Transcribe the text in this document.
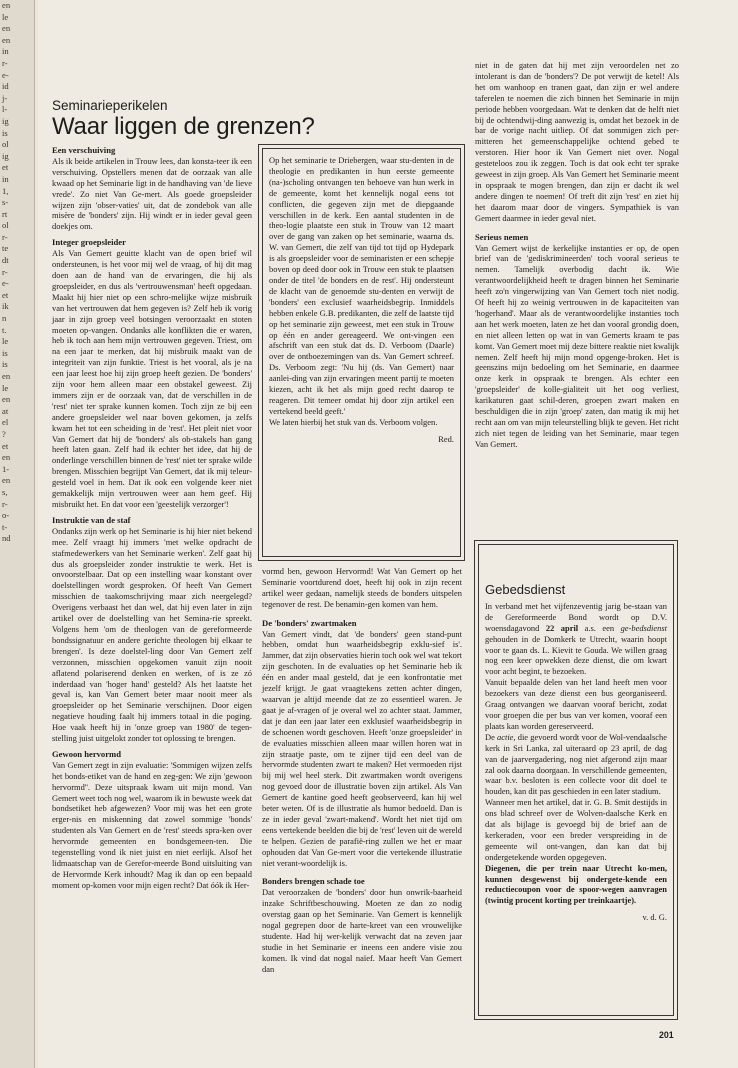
en
le
en
en
in
r-
e-
id
j-
l-
ig
is
ol
ig
et
in
1,
s-
rt
ol
r-
te
dt
r-
e-
et
ik
n
t.
le
is
is
en
le
en
at
el
?
et
en
1-
en
s,
r-
o-
t-
nd
Seminarieperikelen
Waar liggen de grenzen?
Een verschuiving

Als ik beide artikelen in Trouw lees, dan konsta-teer ik een verschuiving. Opstellers menen dat de oorzaak van alle kwaad op het Seminarie ligt in de handhaving van 'de lieve vrede'. Zo niet Van Ge-mert. Als goede groepsleider wijzen zijn 'obser-vaties' uit, dat de zondebok van alle misère de 'bonders' zijn. Hij windt er in ieder geval geen doekjes om.

Integer groepsleider

Als Van Gemert geuitte klacht van de open brief wil ondersteunen, is het voor mij wel de vraag, of hij dit mag doen aan de hand van de ervaringen, die hij als groepsleider, en dus als 'vertrouwensman' heeft opgedaan. Maakt hij hier niet op een schro-melijke wijze misbruik van het vertrouwen dat hem gegeven is? Zelf heb ik vorig jaar in zijn groep veel botsingen veroorzaakt en stoten moeten op-vangen. Ondanks alle konflikten die er waren, heb ik toch aan hem mijn vertrouwen gegeven. Triest, om na een jaar te merken, dat hij misbruik maakt van de integriteit van zijn funktie. Triest is het vooral, als je na een jaar leest hoe hij zijn groep heeft gezien. De 'bonders' zijn voor hem alleen maar een obstakel geweest. Zij immers zijn er de oorzaak van, dat de verschillen in de 'rest' niet ter sprake kunnen komen. Toch zijn ze bij een andere groepsleider wel naar boven gekomen, ja zelfs kwam het tot een scheiding in de 'rest'. Het pleit niet voor Van Gemert dat hij de 'bonders' als ob-stakels han gang heeft laten gaan. Zelf had ik echter het idee, dat hij de onderlinge verschillen binnen de 'rest' niet ter sprake wilde brengen. Misschien begrijpt Van Gemert, dat ik mij teleur-gesteld voel in hem. Dat ik ook een volgende keer niet gemakkelijk mijn vertrouwen weer aan hem geef. Hij misbruikt het. En dat voor een 'geestelijk verzorger'!

Instruktie van de staf

Ondanks zijn werk op het Seminarie is hij hier niet bekend mee. Zelf vraagt hij immers 'met welke opdracht de stafmedewerkers van het Seminarie werken'. Zelf gaat hij dus als groepsleider zonder instruktie te werk. Het is onvoorstelbaar. Dat op een instelling waar konstant over doelstellingen wordt gesproken. Of heeft Van Gemert misschien de taakomschrijving maar zich neergelegd? Overigens verbaast het dan wel, dat hij even later in zijn artikel over de doelstelling van het Semina-rie spreekt. Volgens hem 'om de theologen van de gereformeerde bondssignatuur en andere gerichte theologen bij elkaar te brengen'. Is deze doelstel-ling door Van Gemert zelf verzonnen, misschien opgekomen vanuit zijn nooit aflatend polariserend denken en werken, of is ze zó inderdaad van 'hoger hand' gesteld? Als het laatste het geval is, kan Van Gemert beter maar nooit meer als groepsleider op het Seminarie verschijnen. Door eigen negatieve houding faalt hij immers totaal in die poging. Hoe vaak heeft hij in 'onze groep van 1980' de tegen-stelling juist uitgelokt zonder tot oplossing te brengen.

Gewoon hervormd

Van Gemert zegt in zijn evaluatie: 'Sommigen wijzen zelfs het bonds-etiket van de hand en zeg-gen: We zijn 'gewoon hervormd''. Deze uitspraak kwam uit mijn mond. Van Gemert weet toch nog wel, waarom ik in bewuste week dat bondsetiket heb afgewezen? Voor mij was het een grote erger-nis en miskenning dat zowel sommige 'bonds' studenten als Van Gemert en de 'rest' steeds spra-ken over hervormde gemeenten en bondsgemeen-ten. Die tegenstelling vond ik niet juist en niet eerlijk. Alsof het lidmaatschap van de Gerefor-meerde Bond uitsluiting van de Hervormde Kerk inhoudt? Mag ik dan op een bepaald moment op-komen voor mijn eigen recht? Dat óók ik Her-

Op het seminarie te Driebergen, waar stu-denten in de theologie en predikanten in hun eerste gemeente (na-)scholing ontvangen ten behoeve van hun werk in de gemeente, komt het kennelijk nogal eens tot conflicten, die gegeven zijn met de diepgaande verschillen in de kerk. Een aantal studenten in de theo-logie plaatste een stuk in Trouw van 12 maart over de gang van zaken op het seminarie, waarna ds. W. van Gemert, die zelf van tijd tot tijd op Hydepark is als groepsleider voor de seminaristen er een schepje boven op deed door ook in Trouw een stuk te plaatsen onder de titel 'de bonders en de rest'. Hij ondersteunt de klacht van de genoemde stu-denten en verwijt de 'bonders' een exclusief waarheidsbegrip. Inmiddels hebben enkele G.B. predikanten, die zelf de laatste tijd op het seminarie zijn geweest, met een stuk in Trouw op één en ander gereageerd. We ont-vingen een afschrift van een stuk dat ds. D. Verboom (Daarle) over de ontboezemingen van ds. Van Gemert schreef. Ds. Verboom zegt: 'Nu hij (ds. Van Gemert) naar aanlei-ding van zijn ervaringen meent partij te moeten kiezen, acht ik het als mijn goed recht daarop te reageren. Dit temeer omdat hij door zijn artikel een vertekend beeld geeft.'

We laten hierbij het stuk van ds. Verboom volgen.

Red.

vormd ben, gewoon Hervormd! Wat Van Gemert op het Seminarie voortdurend doet, heeft hij ook in zijn recent artikel weer gedaan, namelijk steeds de bonders uitspelen tegenover de rest. De benamin-gen komen van hem.

De 'bonders' zwartmaken

Van Gemert vindt, dat 'de bonders' geen stand-punt hebben, omdat hun waarheidsbegrip exklu-sief is'. Jammer, dat zijn observaties hierin toch ook wel wat tekort zijn geschoten. In de evaluaties op het Seminarie heb ik één en ander maal gesteld, dat je een konfrontatie met jezelf krijgt. Je gaat vraagtekens zetten achter dingen, waarvan je altijd meende dat ze zo essentieel waren. Je gaat je af-vragen of je overal wel zo achter staat. Jammer, dat je dan een jaar later een exklusief waarheidsbegrip in de schoenen wordt geschoven. Heeft 'onze groepsleider' in de evaluaties misschien alleen maar willen horen wat in zijn straatje paste, om te zijner tijd een deel van de hervormde studenten zwart te maken? Het vermoeden rijst bij mij wel heel sterk. Dit zwartmaken wordt overigens nog gevoed door de illustratie boven zijn artikel. Als Van Gemert de kantine goed heeft geobserveerd, kan hij wel beter weten. Of is de illustratie als humor bedoeld. Dan is ze in ieder geval 'zwart-makend'. Wordt het niet tijd om eens vertekende beelden die bij de 'rest' leven uit de wereld te helpen. Gezien de parafië-ring zullen we het er maar ophouden dat Van Ge-mert voor die vertekende illustratie niet verant-woordelijk is.

Bonders brengen schade toe

Dat veroorzaken de 'bonders' door hun onwrik-baarheid inzake Schriftbeschouwing. Moeten ze dan zo nodig overstag gaan op het Seminarie. Van Gemert is kennelijk nogal gegrepen door de harte-kreet van een vrouwelijke studente. Had hij wer-kelijk verwacht dat na zeven jaar studie in het Seminarie er ineens een andere visie zou komen. Ik vind dat nogal naïef. Maar heeft Van Gemert dan

niet in de gaten dat hij met zijn veroordelen net zo intolerant is dan de 'bonders'? De pot verwijt de ketel! Als het om wanhoop en tranen gaat, dan zijn er wel andere taferelen te noemen die zich binnen het Seminarie in mijn periode hebben voorgedaan. Wat te denken dat de helft niet bij de ochtendwij-ding aanwezig is, omdat het bezoek in de bar de vorige nacht uitliep. Of dat sommigen zich per-mitteren het gemeenschappelijke ochtend gebed te verstoren. Hier hoor ik Van Gemert niet over. Nogal gesteteloos zou ik zeggen. Toch is dat ook echt ter sprake geweest in zijn groep. Als Van Gemert het Seminarie meent in opspraak te mogen brengen, dan zijn er dacht ik wel andere dingen te noemen! Of treft dit zijn 'rest' en ziet hij het daarom maar door de vingers. Sympathiek is van Gemert daarmee in ieder geval niet.

Serieus nemen

Van Gemert wijst de kerkelijke instanties er op, de open brief van de 'gediskrimineerden' toch vooral serieus te nemen. Tamelijk overbodig dacht ik. Wie verantwoordelijkheid heeft te dragen binnen het Seminarie heeft zo'n vingerwijzing van Van Gemert toch niet nodig. Of heeft hij zo weinig vertrouwen in de kapaciteiten van 'hogerhand'. Maar als de verantwoordelijke instanties toch aan het werk moeten, laten ze het dan vooral grondig doen, en niet alleen letten op wat in van Gemerts kraam te pas komt. Van Gemert moet mij deze bittere reaktie niet kwalijk nemen. Zelf heeft hij mijn mond opgenge-broken. Het is geenszins mijn bedoeling om het Seminarie, en daarmee onze kerk in opspraak te brengen. Als echter een 'groepsleider' de kolle-gialiteit uit het oog verliest, karikaturen gaat schil-deren, groepen zwart maken en beschuldigen die in zijn 'groep' zaten, dan matig ik mij het recht aan om van mijn teleurstelling blijk te geven. Het richt zich niet tegen de leiding van het Seminarie, maar tegen Van Gemert.

Gebedsdienst

In verband met het vijfenzeventig jarig be-staan van de Gereformeerde Bond wordt op D.V. woensdagavond 22 april a.s. een ge-bedsdienst gehouden in de Domkerk te Utrecht, waarin hoopt voor te gaan ds. L. Kievit te Gouda. We willen graag nog een keer opwekken deze dienst, die om kwart voor acht begint, te bezoeken.

Vanuit bepaalde delen van het land heeft men voor bezoekers van deze dienst een bus georganiseerd. Graag ontvangen we daarvan vooraf bericht, zodat voor groepen die per bus van ver komen, vooraf een plaats kan worden gereserveerd.

De actie, die gevoerd wordt voor de Wol-vendaalsche kerk in Sri Lanka, zal uiteraard op 23 april, de dag van de jaarvergadering, nog niet afgerond zijn maar zal ook daarna doorgaan. In verschillende gemeenten, waar b.v. besloten is een collecte voor dit doel te houden, kan dit pas geschieden in een later stadium.

Wanneer men het artikel, dat ir. G. B. Smit destijds in ons blad schreef over de Wolven-daalsche Kerk en dat als bijlage is gevoegd bij de brief aan de kerkeraden, voor een breder verspreiding in de gemeente wil ont-vangen, dan kan dat bij ondergetekende worden opgegeven.

Diegenen, die per trein naar Utrecht ko-men, kunnen desgewenst bij ondergete-kende een reductiecoupon voor de spoor-wegen aanvragen (twintig procent korting per treinkaartje).

v. d. G.

201
